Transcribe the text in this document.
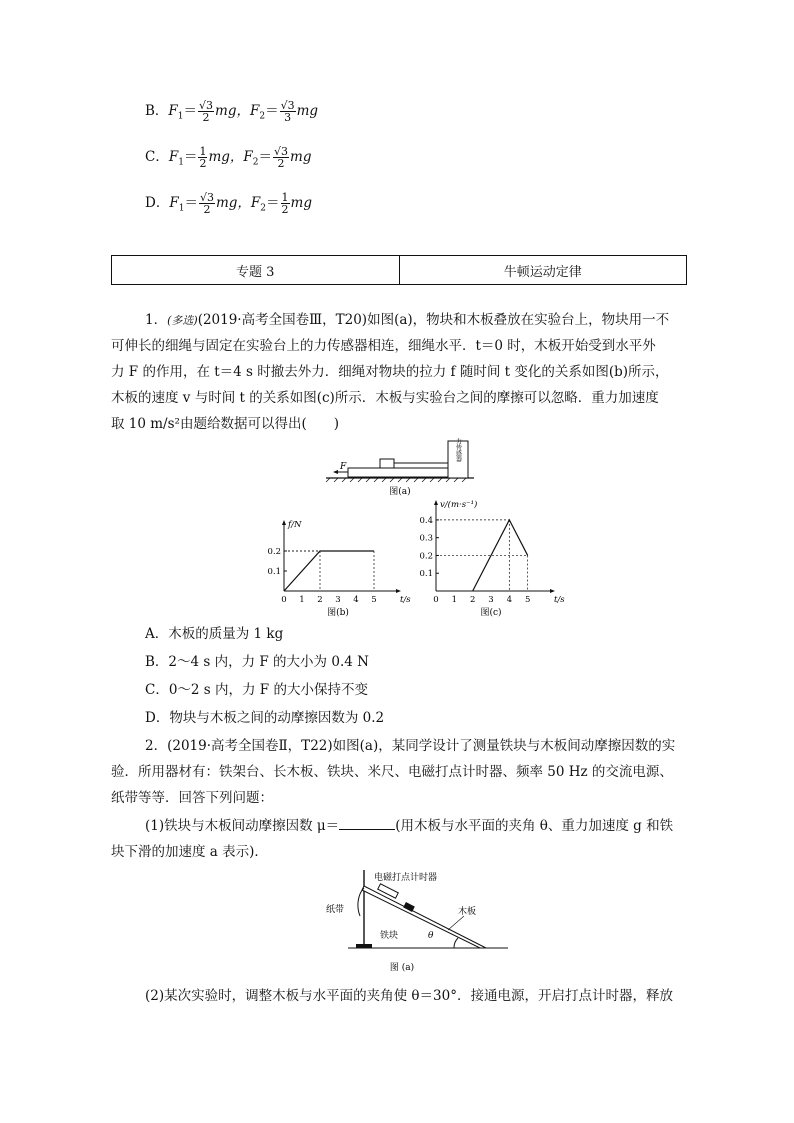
B．$F_1= \frac{√3}{2}$ mg，$F_2= \frac{√3}{3}$ mg
C．$F_1= \frac{1}{2}$ mg，$F_2= \frac{√3}{2}$ mg
D．$F_1= \frac{√3}{2}$ mg，$F_2= \frac{1}{2}$ mg
专题 3	牛顿运动定律
1．(多选)(2019·高考全国卷Ⅲ，T20)如图(a)，物块和木板叠放在实验台上，物块用一不
可伸长的细绳与固定在实验台上的力传感器相连，细绳水平．t＝0 时，木板开始受到水平外
力 F 的作用，在 t＝4 s 时撤去外力．细绳对物块的拉力 f 随时间 t 变化的关系如图(b)所示，
木板的速度 v 与时间 t 的关系如图(c)所示．木板与实验台之间的摩擦可以忽略．重力加速度
取 10 m/s²由题给数据可以得出(　　)
力传感器
F
图(a)
0 1 2 3 4 5
0.1
0.2
t/s
f/N
图(b)
0 1 2 3 4 5
0.1
0.2
0.3
0.4
t/s
v/(m·s⁻¹)
图(c)
A．木板的质量为 1 kg
B．2～4 s 内，力 F 的大小为 0.4 N
C．0～2 s 内，力 F 的大小保持不变
D．物块与木板之间的动摩擦因数为 0.2
2．(2019·高考全国卷Ⅱ，T22)如图(a)，某同学设计了测量铁块与木板间动摩擦因数的实
验．所用器材有：铁架台、长木板、铁块、米尺、电磁打点计时器、频率 50 Hz 的交流电源、
纸带等等．回答下列问题：
(1)铁块与木板间动摩擦因数 μ＝	(用木板与水平面的夹角 θ、重力加速度 g 和铁
块下滑的加速度 a 表示)．
θ
电磁打点计时器
纸带	木板
铁块
图 (a)
(2)某次实验时，调整木板与水平面的夹角使 θ＝30°．接通电源，开启打点计时器，释放
